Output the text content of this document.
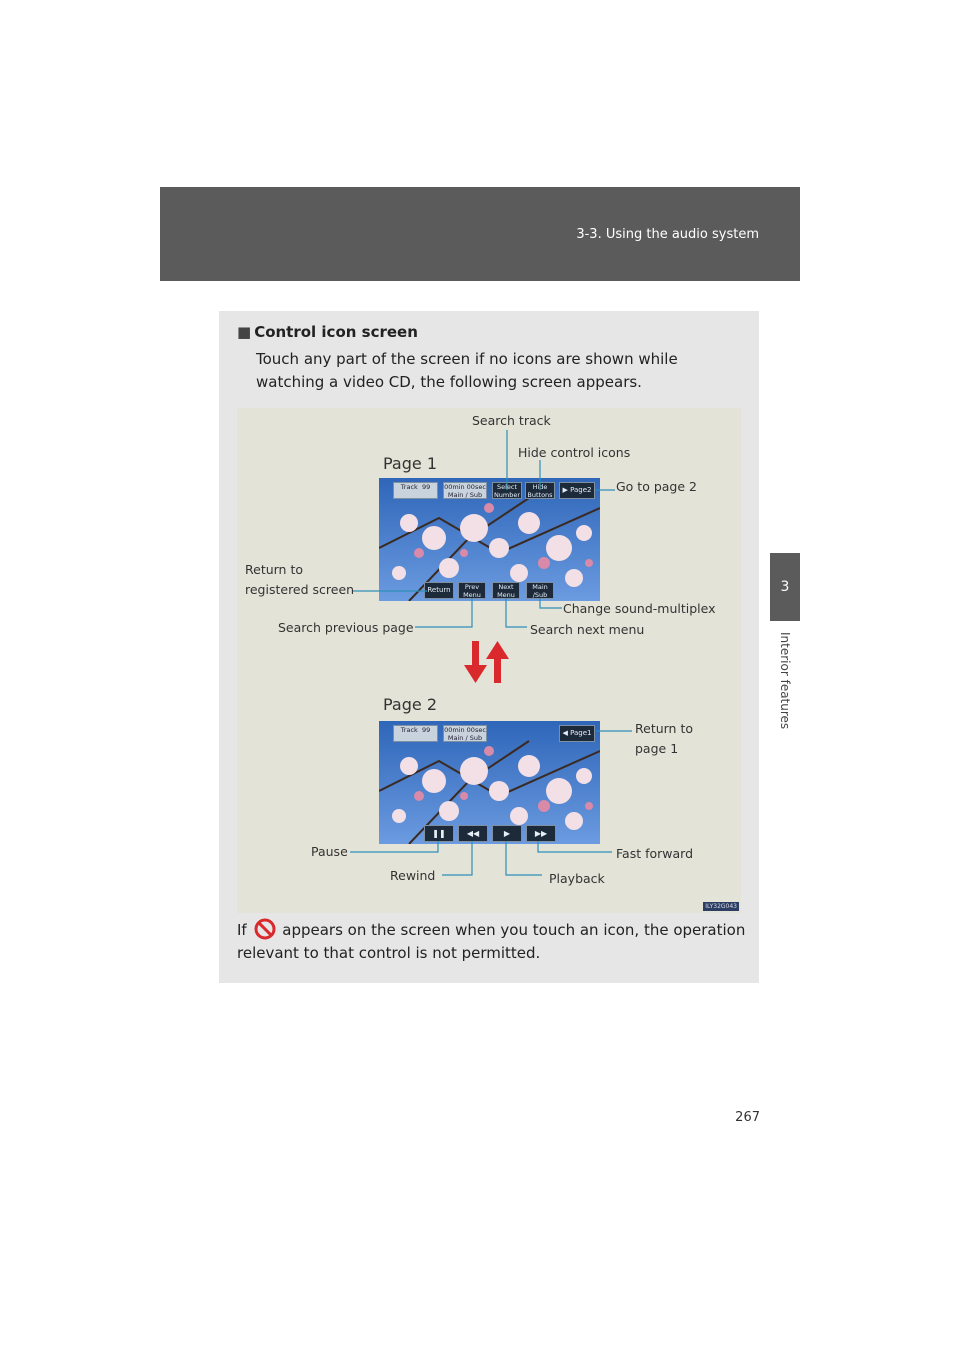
3-3. Using the audio system
3
Interior features
■ Control icon screen
Touch any part of the screen if no icons are shown while watching a video CD, the following screen appears.
Page 1
Track 99	00min 00sec
Main / Sub
Select Number
Hide Buttons
▶ Page2
Return	Prev Menu
Next Menu
Main /Sub
Page 2
Track 99	00min 00sec
Main / Sub
◀ Page1
❚❚	◀◀	▶	▶▶
Search track
Hide control icons
Go to page 2
Return to
registered screen
Change sound-multiplex
Search previous page	Search next menu
Return to
page 1
Pause	Fast forward
Rewind	Playback
ILY32G043
If appears on the screen when you touch an icon, the operation relevant to that control is not permitted.
267
